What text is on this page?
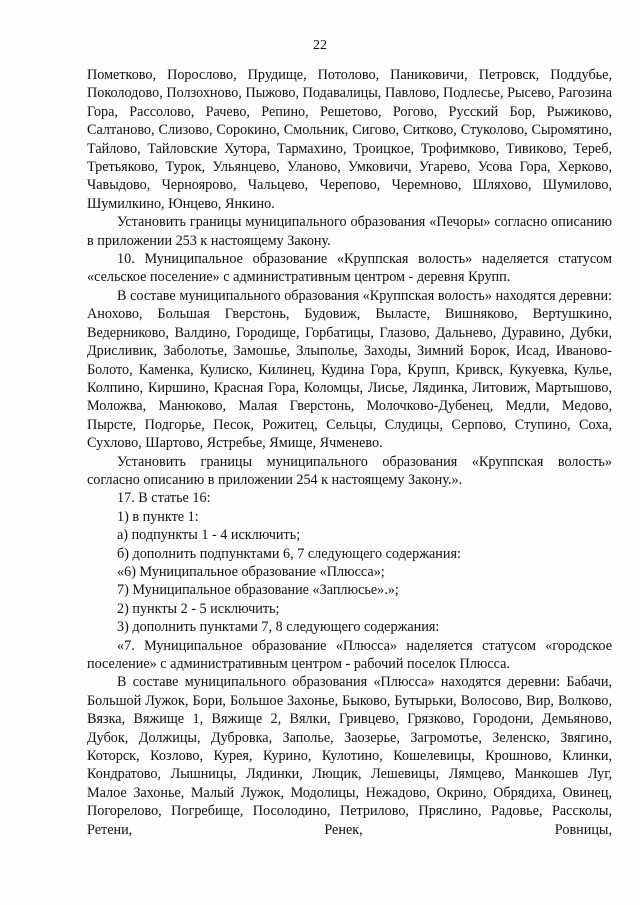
22

Пометково, Порослово, Прудище, Потолово, Паниковичи, Петровск, Поддубье, Поколодово, Ползохново, Пыжово, Подавалицы, Павлово, Подлесье, Рысево, Рагозина Гора, Рассолово, Рачево, Репино, Решетово, Рогово, Русский Бор, Рыжиково, Салтаново, Слизово, Сорокино, Смольник, Сигово, Ситково, Стуколово, Сыромятино, Тайлово, Тайловские Хутора, Тармахино, Троицкое, Трофимково, Тивиково, Тереб, Третьяково, Турок, Ульянцево, Уланово, Умковичи, Угарево, Усова Гора, Херково, Чавыдово, Черноярово, Чальцево, Черепово, Черемново, Шляхово, Шумилово, Шумилкино, Юнцево, Янкино.

Установить границы муниципального образования «Печоры» согласно описанию в приложении 253 к настоящему Закону.

10. Муниципальное образование «Круппская волость» наделяется статусом «сельское поселение» с административным центром - деревня Крупп.

В составе муниципального образования «Круппская волость» находятся деревни: Анохово, Большая Гверстонь, Будовиж, Выласте, Вишняково, Вертушкино, Ведерниково, Валдино, Городище, Горбатицы, Глазово, Дальнево, Дуравино, Дубки, Дрисливик, Заболотье, Замошье, Злыполье, Заходы, Зимний Борок, Исад, Иваново-Болото, Каменка, Кулиско, Килинец, Кудина Гора, Крупп, Кривск, Кукуевка, Кулье, Колпино, Киршино, Красная Гора, Коломцы, Лисье, Лядинка, Литовиж, Мартышово, Моложва, Манюково, Малая Гверстонь, Молочково-Дубенец, Медли, Медово, Пырсте, Подгорье, Песок, Рожитец, Сельцы, Слудицы, Серпово, Ступино, Соха, Сухлово, Шартово, Ястребье, Ямище, Ячменево.

Установить границы муниципального образования «Круппская волость» согласно описанию в приложении 254 к настоящему Закону.».

17. В статье 16:

1) в пункте 1:

а) подпункты 1 - 4 исключить;

б) дополнить подпунктами 6, 7 следующего содержания:

«6) Муниципальное образование «Плюсса»;

7) Муниципальное образование «Заплюсье».»;

2) пункты 2 - 5 исключить;

3) дополнить пунктами 7, 8 следующего содержания:

«7. Муниципальное образование «Плюсса» наделяется статусом «городское поселение» с административным центром - рабочий поселок Плюсса.

В составе муниципального образования «Плюсса» находятся деревни: Бабачи, Большой Лужок, Бори, Большое Захонье, Быково, Бутырьки, Волосово, Вир, Волково, Вязка, Вяжище 1, Вяжище 2, Вялки, Гривцево, Грязково, Городони, Демьяново, Дубок, Должицы, Дубровка, Заполье, Заозерье, Загромотье, Зеленско, Звягино, Которск, Козлово, Курея, Курино, Кулотино, Кошелевицы, Крошново, Клинки, Кондратово, Лышницы, Лядинки, Лющик, Лешевицы, Лямцево, Манкошев Луг, Малое Захонье, Малый Лужок, Модолицы, Нежадово, Окрино, Обрядиха, Овинец, Погорелово, Погребище, Посолодино, Петрилово, Пряслино, Радовье, Рассколы, Ретени, Ренек, Ровницы,
